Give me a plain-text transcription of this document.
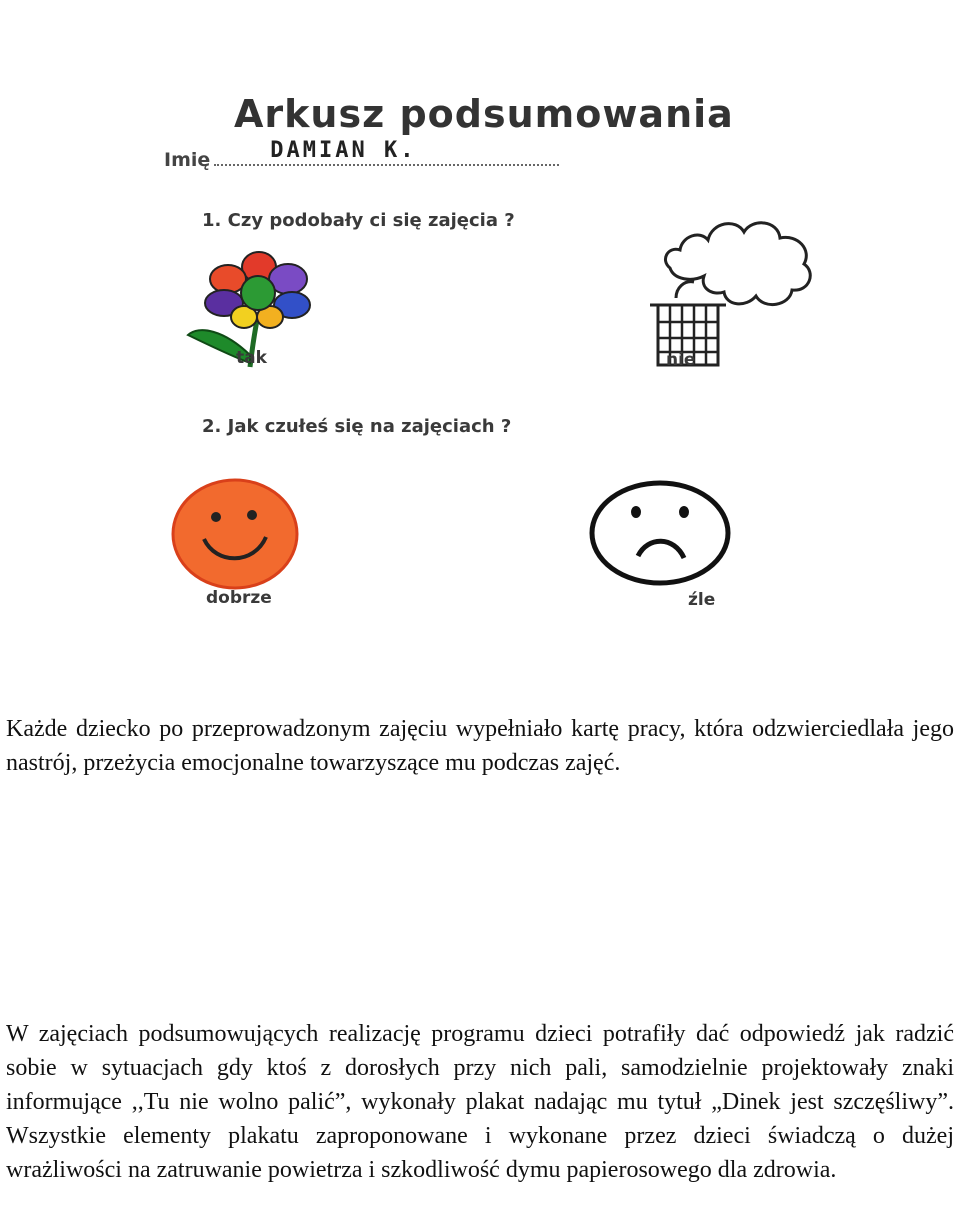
Arkusz podsumowania
Imię	DAMIAN K.
1. Czy podobały ci się zajęcia ?
tak	nie
2. Jak czułeś się na zajęciach ?
dobrze	źle

Każde dziecko po przeprowadzonym zajęciu wypełniało kartę pracy, która odzwierciedlała jego nastrój, przeżycia emocjonalne towarzyszące mu podczas zajęć.

W zajęciach podsumowujących realizację programu dzieci potrafiły dać odpowiedź jak radzić sobie w sytuacjach gdy ktoś z dorosłych przy nich pali, samodzielnie projektowały znaki informujące ,,Tu nie wolno palić”, wykonały plakat nadając mu tytuł „Dinek jest szczęśliwy”. Wszystkie elementy plakatu zaproponowane i wykonane przez dzieci świadczą o dużej wrażliwości na zatruwanie powietrza i szkodliwość dymu papierosowego dla zdrowia.
